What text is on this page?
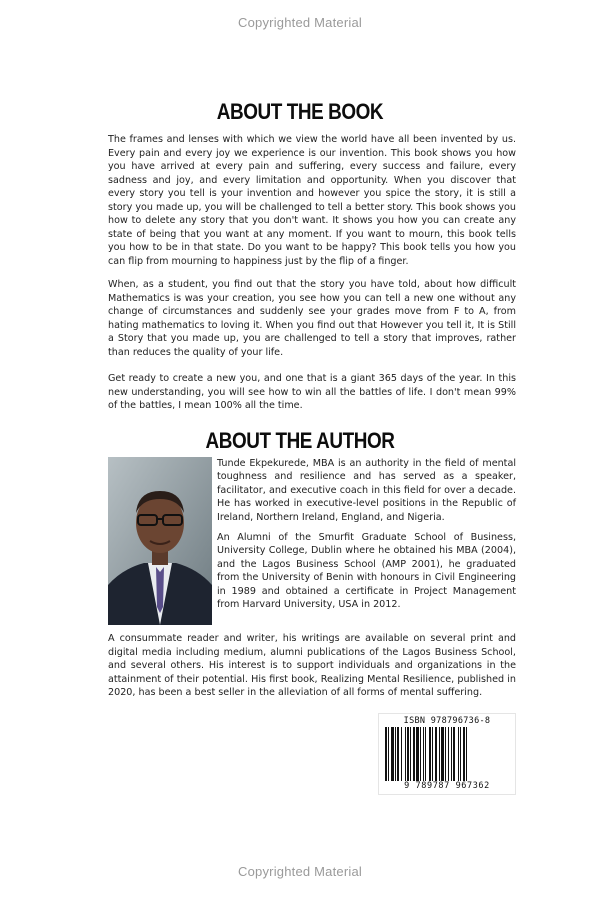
Copyrighted Material
ABOUT THE BOOK

The frames and lenses with which we view the world have all been invented by us. Every pain and every joy we experience is our invention. This book shows you how you have arrived at every pain and suffering, every success and failure, every sadness and joy, and every limitation and opportunity. When you discover that every story you tell is your invention and however you spice the story, it is still a story you made up, you will be challenged to tell a better story. This book shows you how to delete any story that you don't want. It shows you how you can create any state of being that you want at any moment. If you want to mourn, this book tells you how to be in that state. Do you want to be happy? This book tells you how you can flip from mourning to happiness just by the flip of a finger.

When, as a student, you find out that the story you have told, about how difficult Mathematics is was your creation, you see how you can tell a new one without any change of circumstances and suddenly see your grades move from F to A, from hating mathematics to loving it. When you find out that However you tell it, It is Still a Story that you made up, you are challenged to tell a story that improves, rather than reduces the quality of your life.

Get ready to create a new you, and one that is a giant 365 days of the year. In this new understanding, you will see how to win all the battles of life. I don't mean 99% of the battles, I mean 100% all the time.

ABOUT THE AUTHOR

Tunde Ekpekurede, MBA is an authority in the field of mental toughness and resilience and has served as a speaker, facilitator, and executive coach in this field for over a decade. He has worked in executive-level positions in the Republic of Ireland, Northern Ireland, England, and Nigeria.

An Alumni of the Smurfit Graduate School of Business, University College, Dublin where he obtained his MBA (2004), and the Lagos Business School (AMP 2001), he graduated from the University of Benin with honours in Civil Engineering in 1989 and obtained a certificate in Project Management from Harvard University, USA in 2012.

A consummate reader and writer, his writings are available on several print and digital media including medium, alumni publications of the Lagos Business School, and several others. His interest is to support individuals and organizations in the attainment of their potential. His first book, Realizing Mental Resilience, published in 2020, has been a best seller in the alleviation of all forms of mental suffering.

ISBN 978796736-8
9 789787 967362
Copyrighted Material
